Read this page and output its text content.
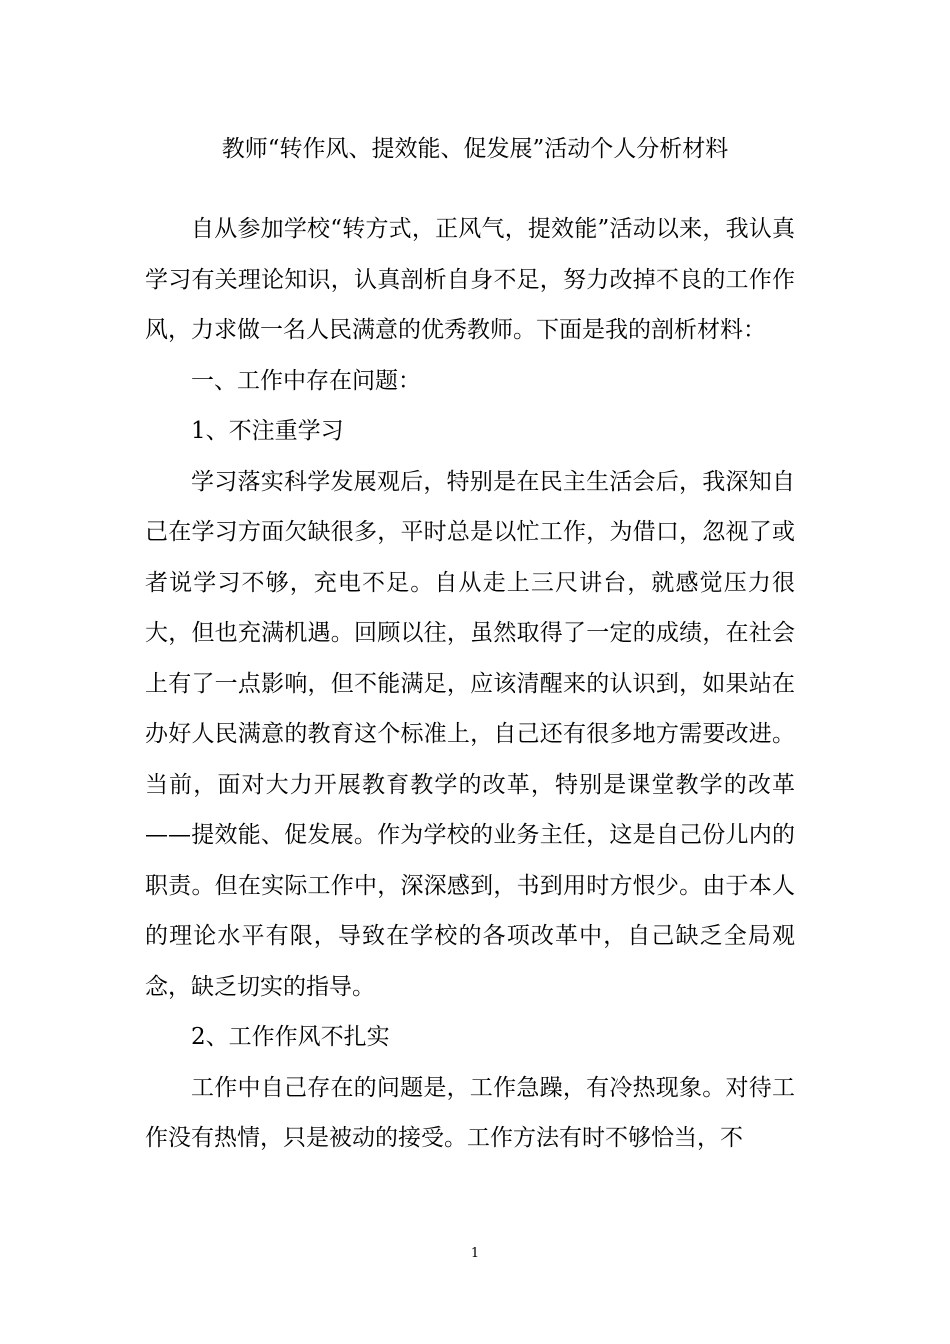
教师“转作风、提效能、促发展”活动个人分析材料

自从参加学校“转方式，正风气，提效能”活动以来，我认真学习有关理论知识，认真剖析自身不足，努力改掉不良的工作作风，力求做一名人民满意的优秀教师。下面是我的剖析材料：

一、工作中存在问题：

1、不注重学习

学习落实科学发展观后，特别是在民主生活会后，我深知自己在学习方面欠缺很多，平时总是以忙工作，为借口，忽视了或者说学习不够，充电不足。自从走上三尺讲台，就感觉压力很大，但也充满机遇。回顾以往，虽然取得了一定的成绩，在社会上有了一点影响，但不能满足，应该清醒来的认识到，如果站在办好人民满意的教育这个标准上，自己还有很多地方需要改进。当前，面对大力开展教育教学的改革，特别是课堂教学的改革——提效能、促发展。作为学校的业务主任，这是自己份儿内的职责。但在实际工作中，深深感到，书到用时方恨少。由于本人的理论水平有限，导致在学校的各项改革中，自己缺乏全局观念，缺乏切实的指导。

2、工作作风不扎实

工作中自己存在的问题是，工作急躁，有冷热现象。对待工作没有热情，只是被动的接受。工作方法有时不够恰当，不

1
